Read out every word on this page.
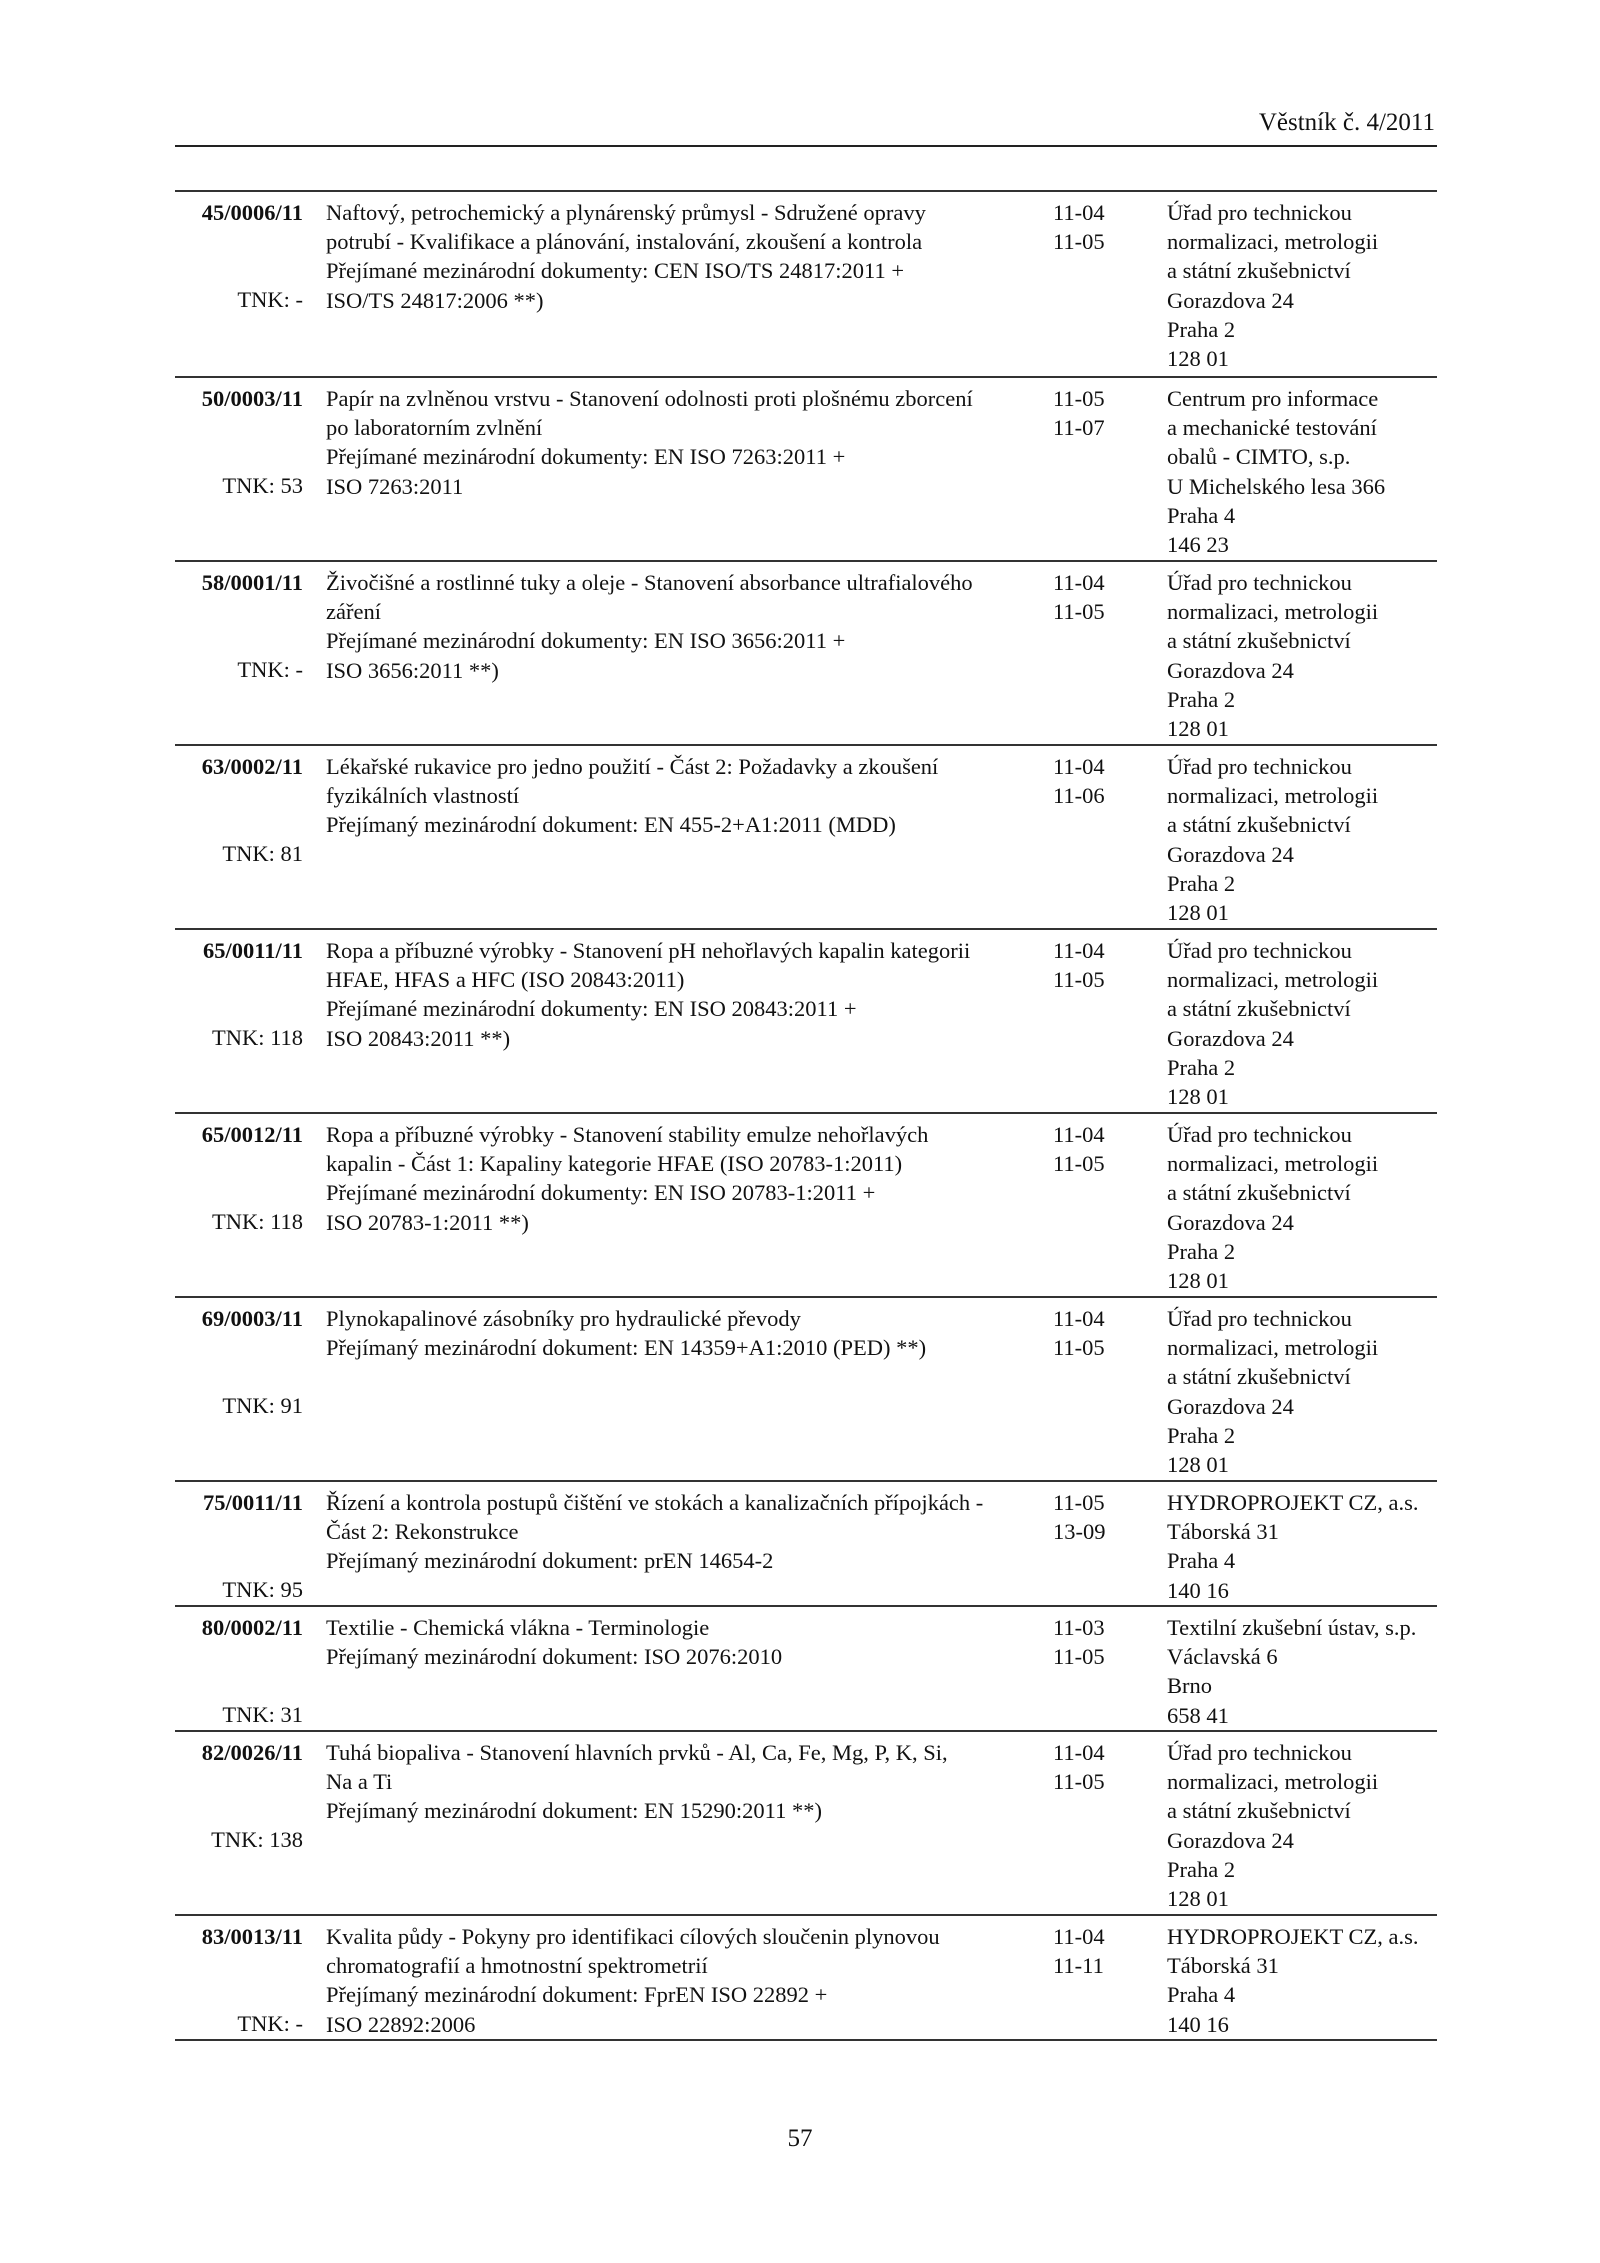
Věstník č. 4/2011
45/0006/11
TNK: -
Naftový, petrochemický a plynárenský průmysl - Sdružené opravy
potrubí - Kvalifikace a plánování, instalování, zkoušení a kontrola
Přejímané mezinárodní dokumenty: CEN ISO/TS 24817:2011 +
ISO/TS 24817:2006 **)
11-04
11-05
Úřad pro technickou
normalizaci, metrologii
a státní zkušebnictví
Gorazdova 24
Praha 2
128 01
50/0003/11
TNK: 53
Papír na zvlněnou vrstvu - Stanovení odolnosti proti plošnému zborcení
po laboratorním zvlnění
Přejímané mezinárodní dokumenty: EN ISO 7263:2011 +
ISO 7263:2011
11-05
11-07
Centrum pro informace
a mechanické testování
obalů - CIMTO, s.p.
U Michelského lesa 366
Praha 4
146 23
58/0001/11
TNK: -
Živočišné a rostlinné tuky a oleje - Stanovení absorbance ultrafialového
záření
Přejímané mezinárodní dokumenty: EN ISO 3656:2011 +
ISO 3656:2011 **)
11-04
11-05
Úřad pro technickou
normalizaci, metrologii
a státní zkušebnictví
Gorazdova 24
Praha 2
128 01
63/0002/11
TNK: 81
Lékařské rukavice pro jedno použití - Část 2: Požadavky a zkoušení
fyzikálních vlastností
Přejímaný mezinárodní dokument: EN 455-2+A1:2011 (MDD)
11-04
11-06
Úřad pro technickou
normalizaci, metrologii
a státní zkušebnictví
Gorazdova 24
Praha 2
128 01
65/0011/11
TNK: 118
Ropa a příbuzné výrobky - Stanovení pH nehořlavých kapalin kategorii
HFAE, HFAS a HFC (ISO 20843:2011)
Přejímané mezinárodní dokumenty: EN ISO 20843:2011 +
ISO 20843:2011 **)
11-04
11-05
Úřad pro technickou
normalizaci, metrologii
a státní zkušebnictví
Gorazdova 24
Praha 2
128 01
65/0012/11
TNK: 118
Ropa a příbuzné výrobky - Stanovení stability emulze nehořlavých
kapalin - Část 1: Kapaliny kategorie HFAE (ISO 20783-1:2011)
Přejímané mezinárodní dokumenty: EN ISO 20783-1:2011 +
ISO 20783-1:2011 **)
11-04
11-05
Úřad pro technickou
normalizaci, metrologii
a státní zkušebnictví
Gorazdova 24
Praha 2
128 01
69/0003/11
TNK: 91
Plynokapalinové zásobníky pro hydraulické převody
Přejímaný mezinárodní dokument: EN 14359+A1:2010 (PED) **)
11-04
11-05
Úřad pro technickou
normalizaci, metrologii
a státní zkušebnictví
Gorazdova 24
Praha 2
128 01
75/0011/11
TNK: 95
Řízení a kontrola postupů čištění ve stokách a kanalizačních přípojkách -
Část 2: Rekonstrukce
Přejímaný mezinárodní dokument: prEN 14654-2
11-05
13-09
HYDROPROJEKT CZ, a.s.
Táborská 31
Praha 4
140 16
80/0002/11
TNK: 31
Textilie - Chemická vlákna - Terminologie
Přejímaný mezinárodní dokument: ISO 2076:2010
11-03
11-05
Textilní zkušební ústav, s.p.
Václavská 6
Brno
658 41
82/0026/11
TNK: 138
Tuhá biopaliva - Stanovení hlavních prvků - Al, Ca, Fe, Mg, P, K, Si,
Na a Ti
Přejímaný mezinárodní dokument: EN 15290:2011 **)
11-04
11-05
Úřad pro technickou
normalizaci, metrologii
a státní zkušebnictví
Gorazdova 24
Praha 2
128 01
83/0013/11
TNK: -
Kvalita půdy - Pokyny pro identifikaci cílových sloučenin plynovou
chromatografií a hmotnostní spektrometrií
Přejímaný mezinárodní dokument: FprEN ISO 22892 +
ISO 22892:2006
11-04
11-11
HYDROPROJEKT CZ, a.s.
Táborská 31
Praha 4
140 16
57
